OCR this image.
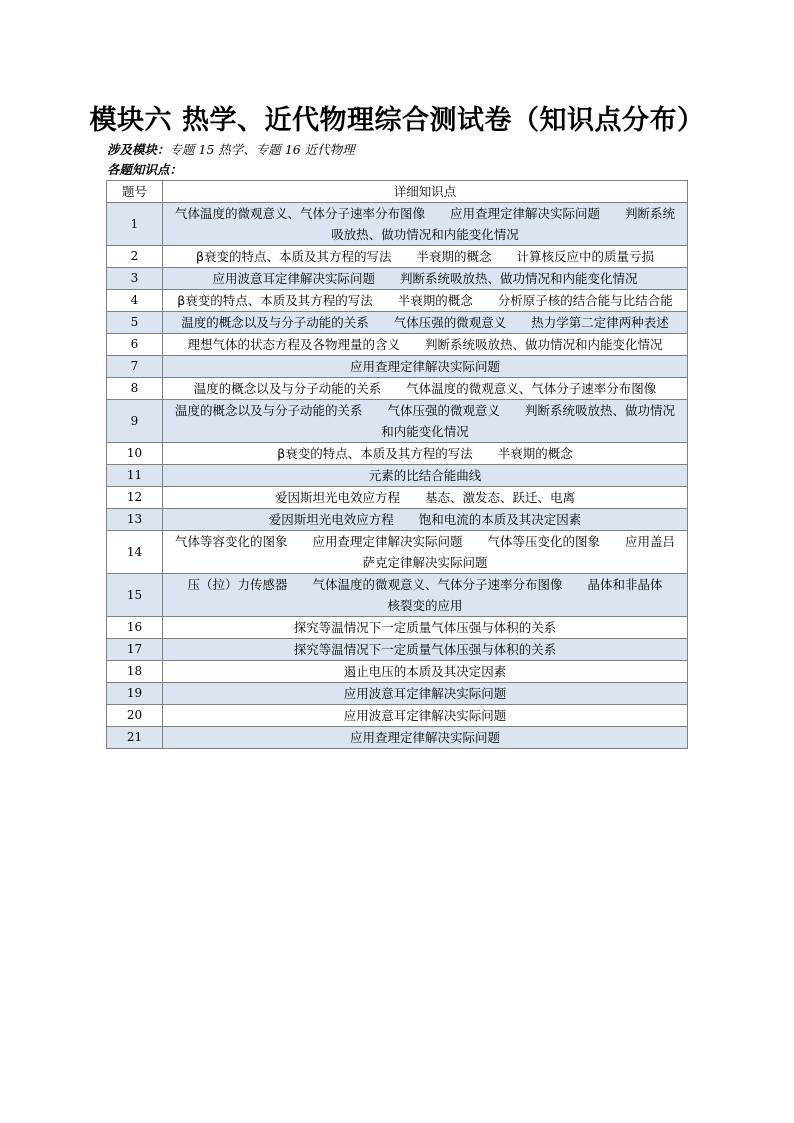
模块六 热学、近代物理综合测试卷（知识点分布）
涉及模块：专题 15 热学、专题 16 近代物理
各题知识点：
题号	详细知识点
1	气体温度的微观意义、气体分子速率分布图像　　应用查理定律解决实际问题　　判断系统吸放热、做功情况和内能变化情况
2	β衰变的特点、本质及其方程的写法　　半衰期的概念　　计算核反应中的质量亏损
3	应用波意耳定律解决实际问题　　判断系统吸放热、做功情况和内能变化情况
4	β衰变的特点、本质及其方程的写法　　半衰期的概念　　分析原子核的结合能与比结合能
5	温度的概念以及与分子动能的关系　　气体压强的微观意义　　热力学第二定律两种表述
6	理想气体的状态方程及各物理量的含义　　判断系统吸放热、做功情况和内能变化情况
7	应用查理定律解决实际问题
8	温度的概念以及与分子动能的关系　　气体温度的微观意义、气体分子速率分布图像
9	温度的概念以及与分子动能的关系　　气体压强的微观意义　　判断系统吸放热、做功情况和内能变化情况
10	β衰变的特点、本质及其方程的写法　　半衰期的概念
11	元素的比结合能曲线
12	爱因斯坦光电效应方程　　基态、激发态、跃迁、电离
13	爱因斯坦光电效应方程　　饱和电流的本质及其决定因素
14	气体等容变化的图象　　应用查理定律解决实际问题　　气体等压变化的图象　　应用盖吕萨克定律解决实际问题
15	压（拉）力传感器　　气体温度的微观意义、气体分子速率分布图像　　晶体和非晶体　　核裂变的应用
16	探究等温情况下一定质量气体压强与体积的关系
17	探究等温情况下一定质量气体压强与体积的关系
18	遏止电压的本质及其决定因素
19	应用波意耳定律解决实际问题
20	应用波意耳定律解决实际问题
21	应用查理定律解决实际问题
